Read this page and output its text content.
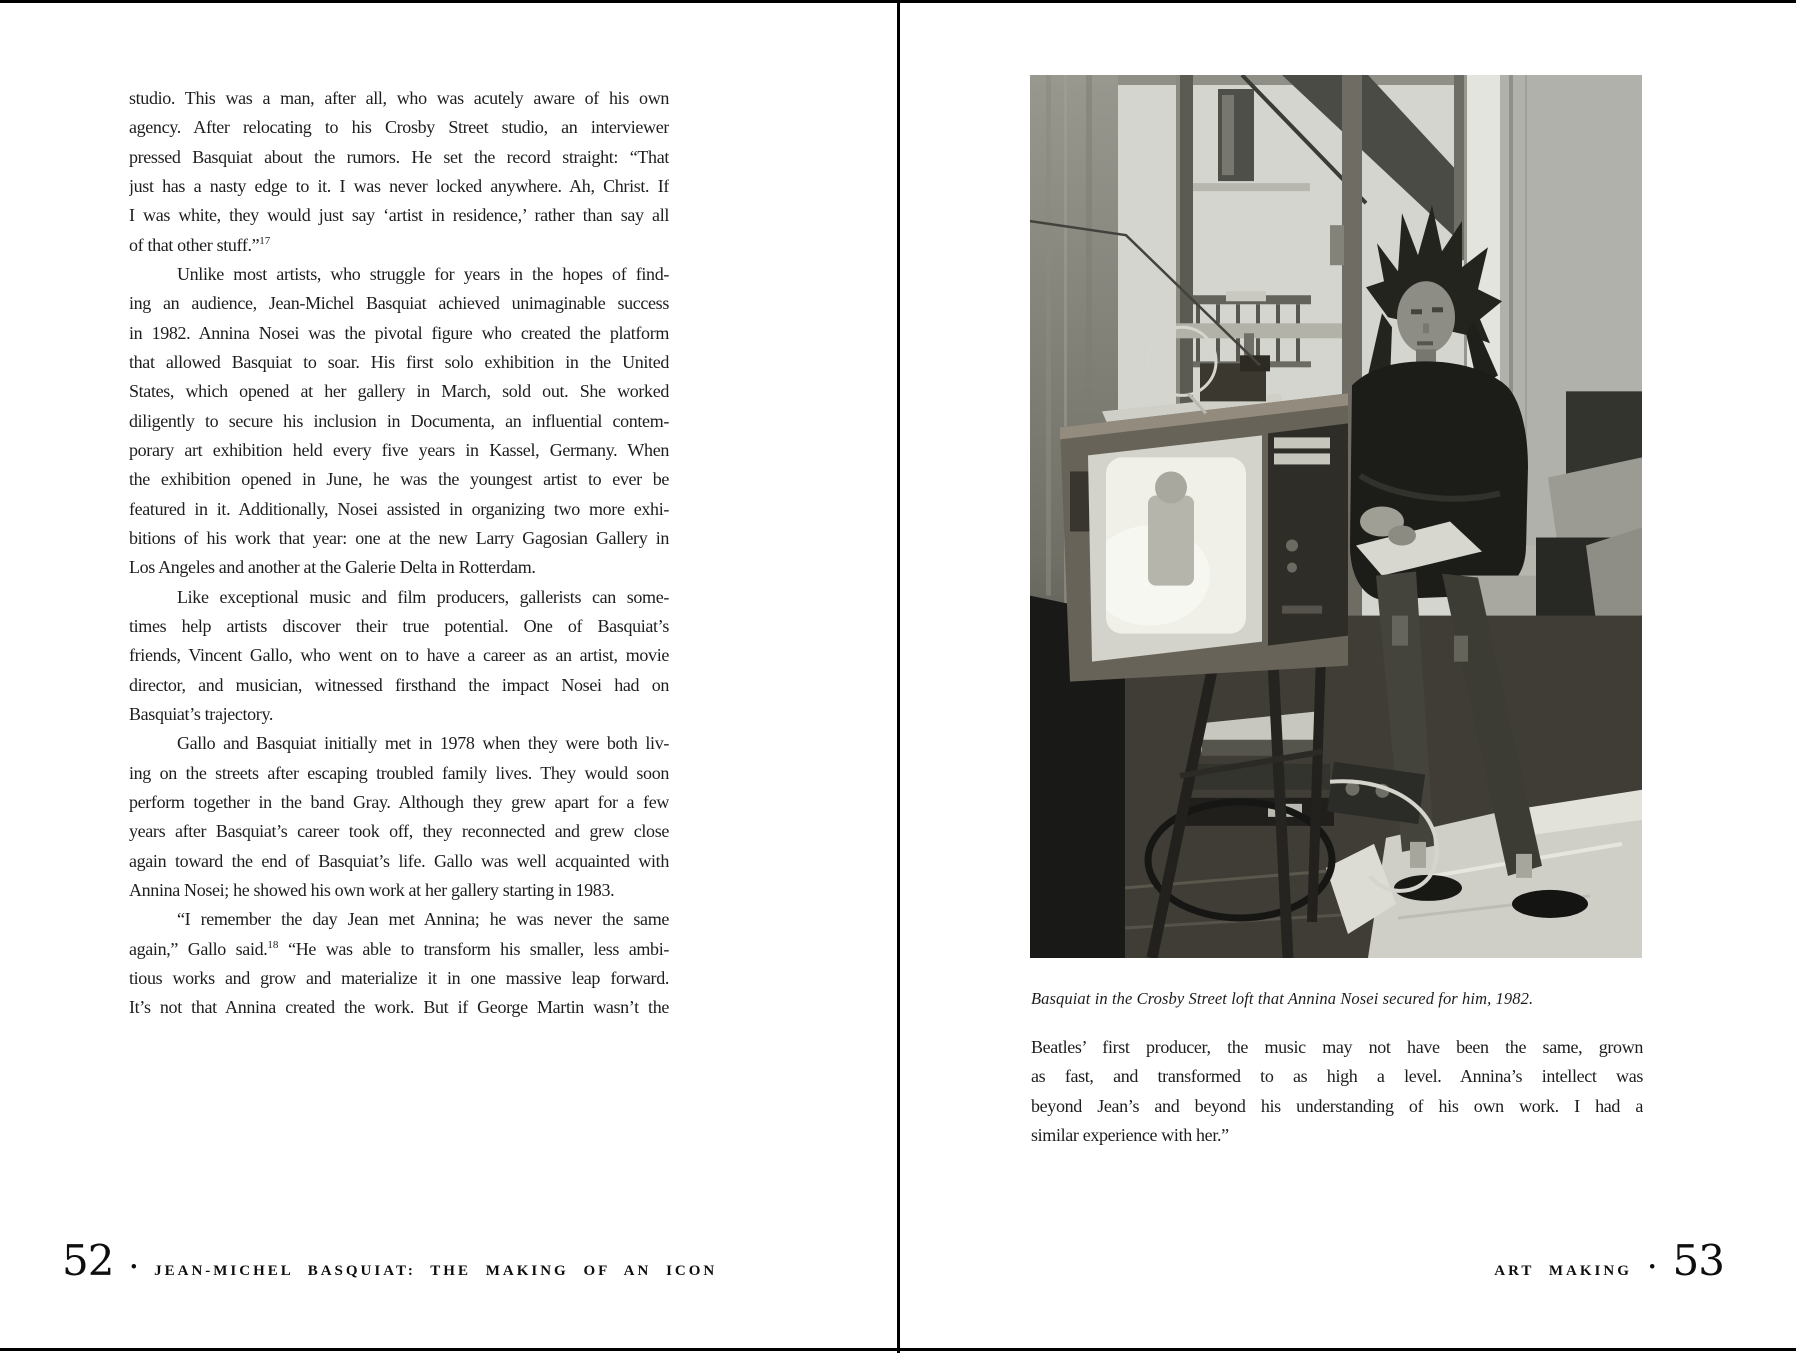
studio. This was a man, after all, who was acutely aware of his own
agency. After relocating to his Crosby Street studio, an interviewer
pressed Basquiat about the rumors. He set the record straight: “That
just has a nasty edge to it. I was never locked anywhere. Ah, Christ. If
I was white, they would just say ‘artist in residence,’ rather than say all
of that other stuff.”$^{17}$
Unlike most artists, who struggle for years in the hopes of find-
ing an audience, Jean-Michel Basquiat achieved unimaginable success
in 1982. Annina Nosei was the pivotal figure who created the platform
that allowed Basquiat to soar. His first solo exhibition in the United
States, which opened at her gallery in March, sold out. She worked
diligently to secure his inclusion in Documenta, an influential contem-
porary art exhibition held every five years in Kassel, Germany. When
the exhibition opened in June, he was the youngest artist to ever be
featured in it. Additionally, Nosei assisted in organizing two more exhi-
bitions of his work that year: one at the new Larry Gagosian Gallery in
Los Angeles and another at the Galerie Delta in Rotterdam.
Like exceptional music and film producers, gallerists can some-
times help artists discover their true potential. One of Basquiat’s
friends, Vincent Gallo, who went on to have a career as an artist, movie
director, and musician, witnessed firsthand the impact Nosei had on
Basquiat’s trajectory.
Gallo and Basquiat initially met in 1978 when they were both liv-
ing on the streets after escaping troubled family lives. They would soon
perform together in the band Gray. Although they grew apart for a few
years after Basquiat’s career took off, they reconnected and grew close
again toward the end of Basquiat’s life. Gallo was well acquainted with
Annina Nosei; he showed his own work at her gallery starting in 1983.
“I remember the day Jean met Annina; he was never the same
again,” Gallo said.$^{18}$ “He was able to transform his smaller, less ambi-
tious works and grow and materialize it in one massive leap forward.
It’s not that Annina created the work. But if George Martin wasn’t the
52 • JEAN-MICHEL BASQUIAT: THE MAKING OF AN ICON
Basquiat in the Crosby Street loft that Annina Nosei secured for him, 1982.
Beatles’ first producer, the music may not have been the same, grown
as fast, and transformed to as high a level. Annina’s intellect was
beyond Jean’s and beyond his understanding of his own work. I had a
similar experience with her.”
ART MAKING • 53
